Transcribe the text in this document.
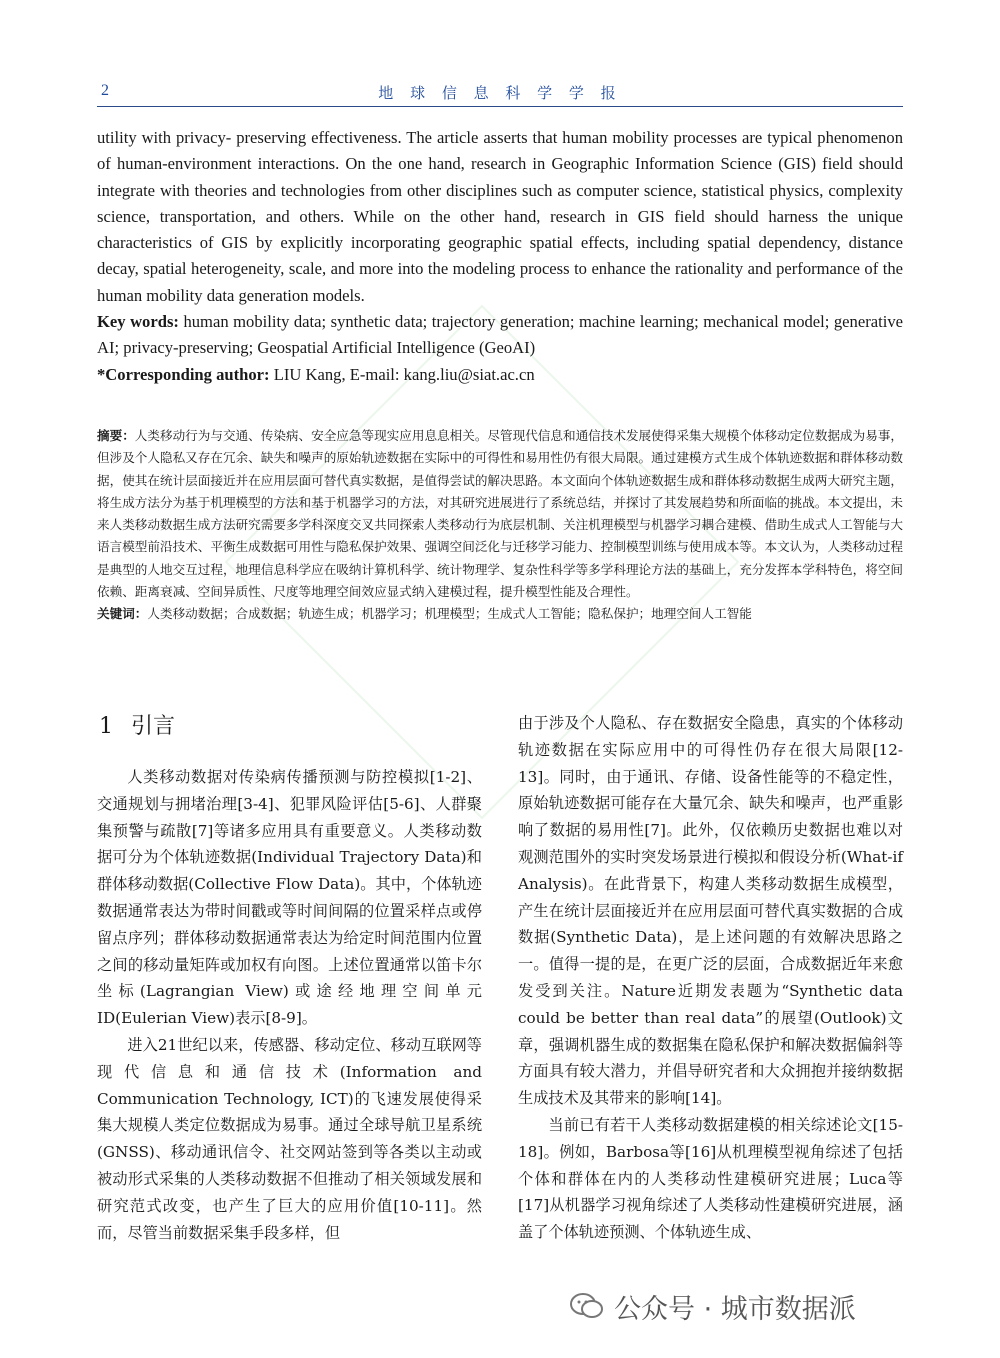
2	地 球 信 息 科 学 学 报

utility with privacy- preserving effectiveness. The article asserts that human mobility processes are typical phenomenon of human-environment interactions. On the one hand, research in Geographic Information Science (GIS) field should integrate with theories and technologies from other disciplines such as computer science, statistical physics, complexity science, transportation, and others. While on the other hand, research in GIS field should harness the unique characteristics of GIS by explicitly incorporating geographic spatial effects, including spatial dependency, distance decay, spatial heterogeneity, scale, and more into the modeling process to enhance the rationality and performance of the human mobility data generation models.

Key words: human mobility data; synthetic data; trajectory generation; machine learning; mechanical model; generative AI; privacy-preserving; Geospatial Artificial Intelligence (GeoAI)

*Corresponding author: LIU Kang, E-mail: kang.liu@siat.ac.cn

摘要：人类移动行为与交通、传染病、安全应急等现实应用息息相关。尽管现代信息和通信技术发展使得采集大规模个体移动定位数据成为易事，但涉及个人隐私又存在冗余、缺失和噪声的原始轨迹数据在实际中的可得性和易用性仍有很大局限。通过建模方式生成个体轨迹数据和群体移动数据，使其在统计层面接近并在应用层面可替代真实数据，是值得尝试的解决思路。本文面向个体轨迹数据生成和群体移动数据生成两大研究主题，将生成方法分为基于机理模型的方法和基于机器学习的方法，对其研究进展进行了系统总结，并探讨了其发展趋势和所面临的挑战。本文提出，未来人类移动数据生成方法研究需要多学科深度交叉共同探索人类移动行为底层机制、关注机理模型与机器学习耦合建模、借助生成式人工智能与大语言模型前沿技术、平衡生成数据可用性与隐私保护效果、强调空间泛化与迁移学习能力、控制模型训练与使用成本等。本文认为，人类移动过程是典型的人地交互过程，地理信息科学应在吸纳计算机科学、统计物理学、复杂性科学等多学科理论方法的基础上，充分发挥本学科特色，将空间依赖、距离衰减、空间异质性、尺度等地理空间效应显式纳入建模过程，提升模型性能及合理性。

关键词：人类移动数据；合成数据；轨迹生成；机器学习；机理模型；生成式人工智能；隐私保护；地理空间人工智能

1 引言

人类移动数据对传染病传播预测与防控模拟[1-2]、交通规划与拥堵治理[3-4]、犯罪风险评估[5-6]、人群聚集预警与疏散[7]等诸多应用具有重要意义。人类移动数据可分为个体轨迹数据(Individual Trajectory Data)和群体移动数据(Collective Flow Data)。其中，个体轨迹数据通常表达为带时间戳或等时间间隔的位置采样点或停留点序列；群体移动数据通常表达为给定时间范围内位置之间的移动量矩阵或加权有向图。上述位置通常以笛卡尔坐标(Lagrangian View)或途经地理空间单元ID(Eulerian View)表示[8-9]。

进入21世纪以来，传感器、移动定位、移动互联网等现代信息和通信技术(Information and Communication Technology, ICT)的飞速发展使得采集大规模人类定位数据成为易事。通过全球导航卫星系统(GNSS)、移动通讯信令、社交网站签到等各类以主动或被动形式采集的人类移动数据不但推动了相关领域发展和研究范式改变，也产生了巨大的应用价值[10-11]。然而，尽管当前数据采集手段多样，但

由于涉及个人隐私、存在数据安全隐患，真实的个体移动轨迹数据在实际应用中的可得性仍存在很大局限[12-13]。同时，由于通讯、存储、设备性能等的不稳定性，原始轨迹数据可能存在大量冗余、缺失和噪声，也严重影响了数据的易用性[7]。此外，仅依赖历史数据也难以对观测范围外的实时突发场景进行模拟和假设分析(What-if Analysis)。在此背景下，构建人类移动数据生成模型，产生在统计层面接近并在应用层面可替代真实数据的合成数据(Synthetic Data)，是上述问题的有效解决思路之一。值得一提的是，在更广泛的层面，合成数据近年来愈发受到关注。Nature近期发表题为“Synthetic data could be better than real data”的展望(Outlook)文章，强调机器生成的数据集在隐私保护和解决数据偏斜等方面具有较大潜力，并倡导研究者和大众拥抱并接纳数据生成技术及其带来的影响[14]。

当前已有若干人类移动数据建模的相关综述论文[15-18]。例如，Barbosa等[16]从机理模型视角综述了包括个体和群体在内的人类移动性建模研究进展；Luca等[17]从机器学习视角综述了人类移动性建模研究进展，涵盖了个体轨迹预测、个体轨迹生成、

公众号 · 城市数据派
